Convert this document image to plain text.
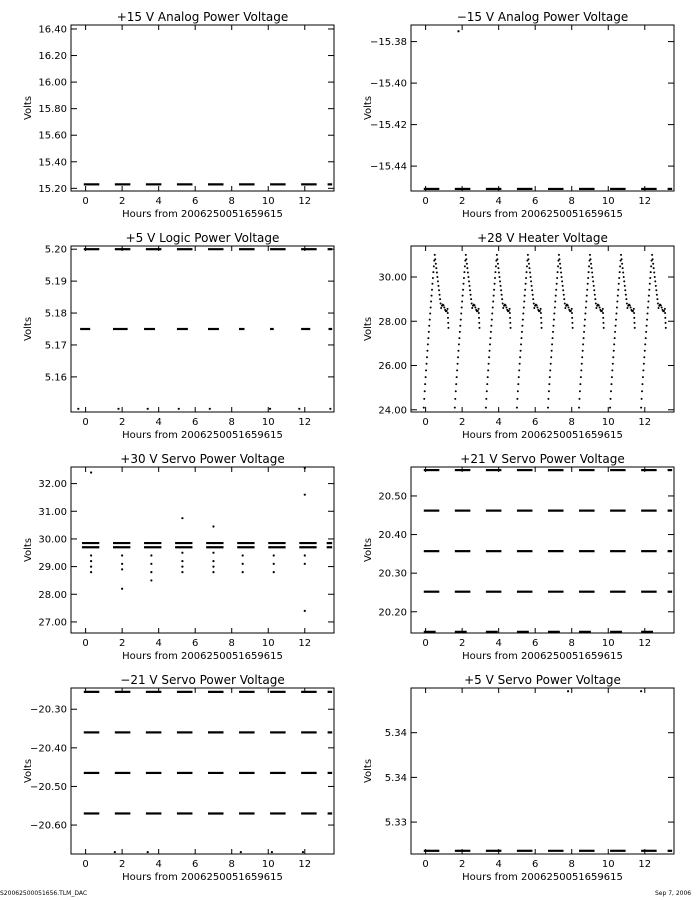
+15 V Analog Power Voltage
0	2	4	6	8	10 12
15.20
15.40
15.60
15.80
16.00
16.20
16.40
Hours from 2006250051659615
Volts
−15 V Analog Power Voltage
0	2	4	6	8	10 12
−15.38
−15.40
−15.42
−15.44
Hours from 2006250051659615
Volts
+5 V Logic Power Voltage
0	2	4	6	8	10 12
5.16
5.17
5.18
5.19
5.20
Hours from 2006250051659615
Volts
+28 V Heater Voltage
0	2	4	6	8	10 12
24.00
26.00
28.00
30.00
Hours from 2006250051659615
Volts
+30 V Servo Power Voltage
0	2	4	6	8	10 12
27.00
28.00
29.00
30.00
31.00
32.00
Hours from 2006250051659615
Volts
+21 V Servo Power Voltage
0	2	4	6	8	10 12
20.20
20.30
20.40
20.50
Hours from 2006250051659615
Volts
−21 V Servo Power Voltage
0	2	4	6	8	10 12
−20.30
−20.40
−20.50
−20.60
Hours from 2006250051659615
Volts
+5 V Servo Power Voltage
0	2	4	6	8	10 12
5.33
5.34
5.34
Hours from 2006250051659615
Volts
S20062500051656.TLM_DAC	Sep 7, 2006
